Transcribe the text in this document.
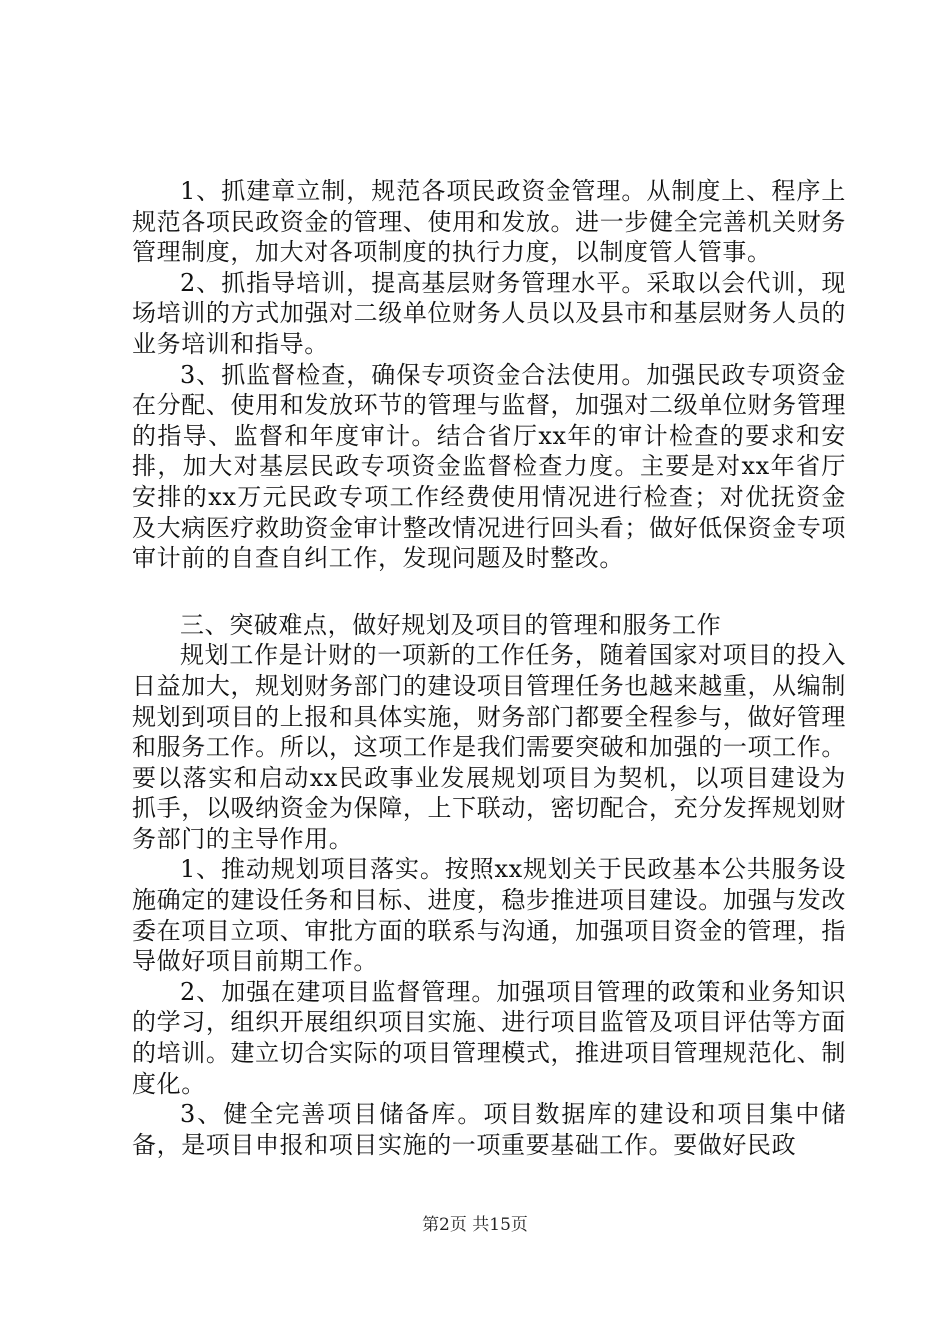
1、抓建章立制，规范各项民政资金管理。从制度上、程序上规范各项民政资金的管理、使用和发放。进一步健全完善机关财务管理制度，加大对各项制度的执行力度，以制度管人管事。

2、抓指导培训，提高基层财务管理水平。采取以会代训，现场培训的方式加强对二级单位财务人员以及县市和基层财务人员的业务培训和指导。

3、抓监督检查，确保专项资金合法使用。加强民政专项资金在分配、使用和发放环节的管理与监督，加强对二级单位财务管理的指导、监督和年度审计。结合省厅xx年的审计检查的要求和安排，加大对基层民政专项资金监督检查力度。主要是对xx年省厅安排的xx万元民政专项工作经费使用情况进行检查；对优抚资金及大病医疗救助资金审计整改情况进行回头看；做好低保资金专项审计前的自查自纠工作，发现问题及时整改。

三、突破难点，做好规划及项目的管理和服务工作

规划工作是计财的一项新的工作任务，随着国家对项目的投入日益加大，规划财务部门的建设项目管理任务也越来越重，从编制规划到项目的上报和具体实施，财务部门都要全程参与，做好管理和服务工作。所以，这项工作是我们需要突破和加强的一项工作。要以落实和启动xx民政事业发展规划项目为契机，以项目建设为抓手，以吸纳资金为保障，上下联动，密切配合，充分发挥规划财务部门的主导作用。

1、推动规划项目落实。按照xx规划关于民政基本公共服务设施确定的建设任务和目标、进度，稳步推进项目建设。加强与发改委在项目立项、审批方面的联系与沟通，加强项目资金的管理，指导做好项目前期工作。

2、加强在建项目监督管理。加强项目管理的政策和业务知识的学习，组织开展组织项目实施、进行项目监管及项目评估等方面的培训。建立切合实际的项目管理模式，推进项目管理规范化、制度化。

3、健全完善项目储备库。项目数据库的建设和项目集中储备，是项目申报和项目实施的一项重要基础工作。要做好民政

第2页 共15页
